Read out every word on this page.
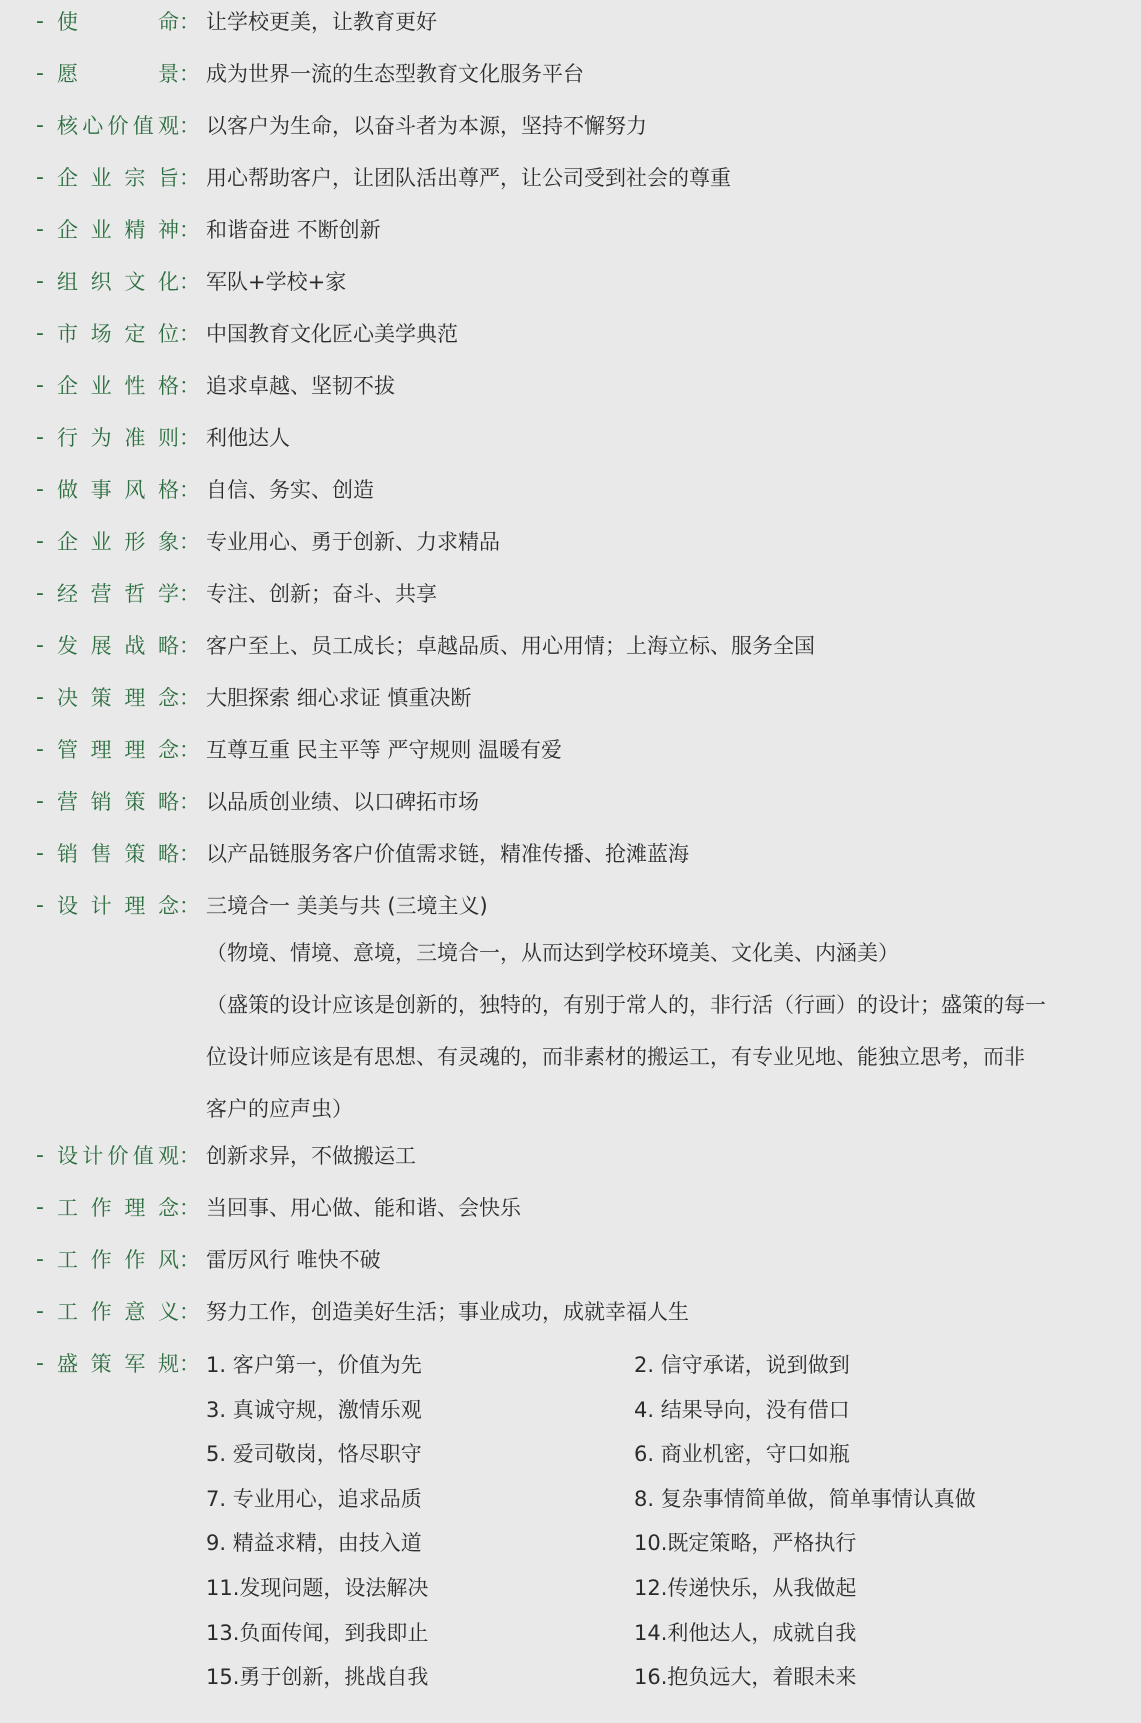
- 使　　命 ： 让学校更美，让教育更好
- 愿　　景 ： 成为世界一流的生态型教育文化服务平台
- 核心价值观 ： 以客户为生命，以奋斗者为本源，坚持不懈努力
- 企业宗旨 ： 用心帮助客户，让团队活出尊严，让公司受到社会的尊重
- 企业精神 ： 和谐奋进 不断创新
- 组织文化 ： 军队+学校+家
- 市场定位 ： 中国教育文化匠心美学典范
- 企业性格 ： 追求卓越、坚韧不拔
- 行为准则 ： 利他达人
- 做事风格 ： 自信、务实、创造
- 企业形象 ： 专业用心、勇于创新、力求精品
- 经营哲学 ： 专注、创新；奋斗、共享
- 发展战略 ： 客户至上、员工成长；卓越品质、用心用情；上海立标、服务全国
- 决策理念 ： 大胆探索 细心求证 慎重决断
- 管理理念 ： 互尊互重 民主平等 严守规则 温暖有爱
- 营销策略 ： 以品质创业绩、以口碑拓市场
- 销售策略 ： 以产品链服务客户价值需求链，精准传播、抢滩蓝海
- 设计理念 ： 三境合一 美美与共 (三境主义)

（物境、情境、意境，三境合一，从而达到学校环境美、文化美、内涵美）

（盛策的设计应该是创新的，独特的，有别于常人的，非行活（行画）的设计；盛策的每一

位设计师应该是有思想、有灵魂的，而非素材的搬运工，有专业见地、能独立思考，而非

客户的应声虫）

- 设计价值观 ： 创新求异，不做搬运工
- 工作理念 ： 当回事、用心做、能和谐、会快乐
- 工作作风 ： 雷厉风行 唯快不破
- 工作意义 ： 努力工作，创造美好生活；事业成功，成就幸福人生
- 盛策军规 ： 1. 客户第一，价值为先	2. 信守承诺，说到做到
3. 真诚守规，激情乐观	4. 结果导向，没有借口
5. 爱司敬岗，恪尽职守	6. 商业机密，守口如瓶
7. 专业用心，追求品质	8. 复杂事情简单做，简单事情认真做
9. 精益求精，由技入道	10.既定策略，严格执行
11.发现问题，设法解决	12.传递快乐，从我做起
13.负面传闻，到我即止	14.利他达人，成就自我
15.勇于创新，挑战自我	16.抱负远大，着眼未来
